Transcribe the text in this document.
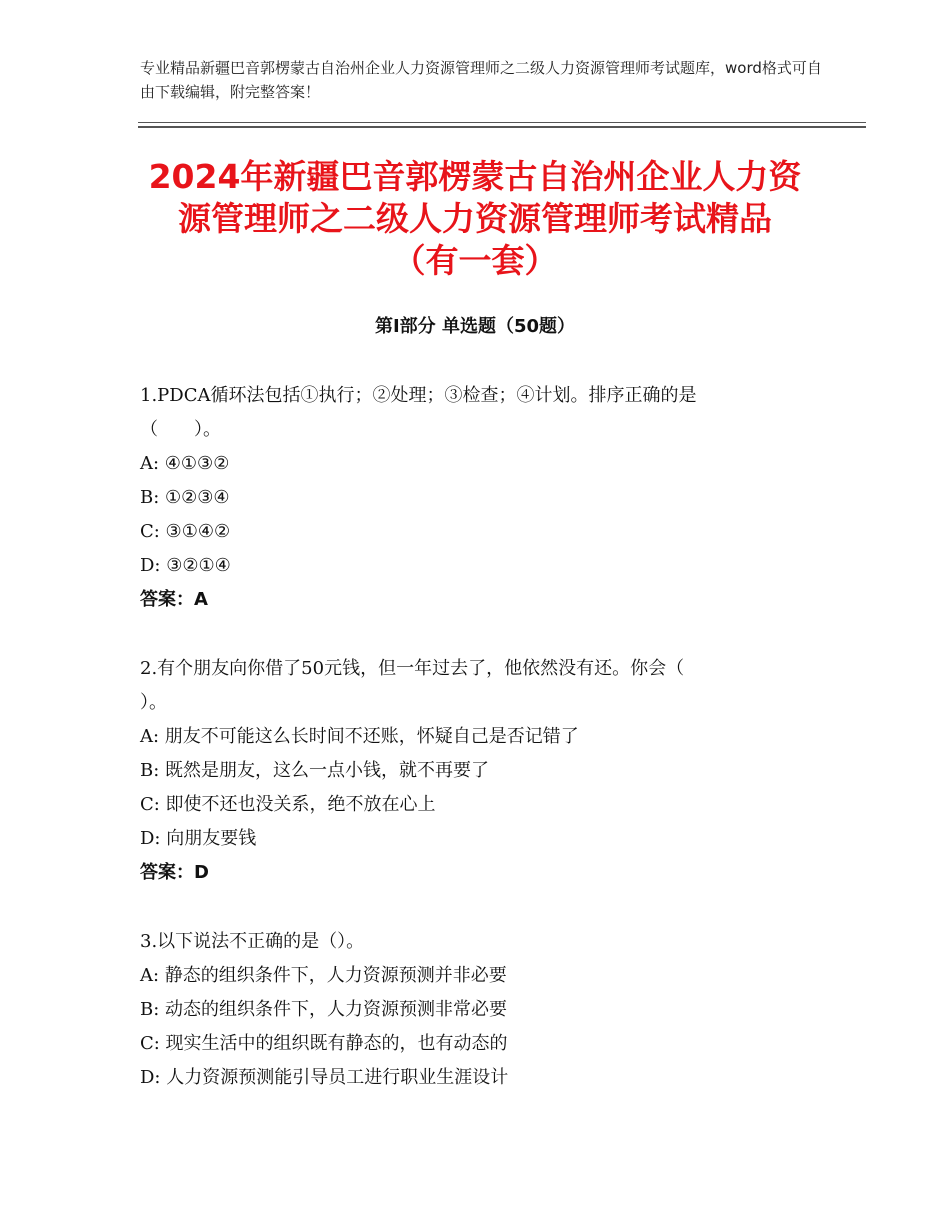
专业精品新疆巴音郭楞蒙古自治州企业人力资源管理师之二级人力资源管理师考试题库，word格式可自由下载编辑，附完整答案！
2024年新疆巴音郭楞蒙古自治州企业人力资
源管理师之二级人力资源管理师考试精品
（有一套）
第Ⅰ部分 单选题（50题）
1.PDCA循环法包括①执行；②处理；③检查；④计划。排序正确的是
（　　）。
A: ④①③②
B: ①②③④
C: ③①④②
D: ③②①④
答案：A
2.有个朋友向你借了50元钱，但一年过去了，他依然没有还。你会（
）。
A: 朋友不可能这么长时间不还账，怀疑自己是否记错了
B: 既然是朋友，这么一点小钱，就不再要了
C: 即使不还也没关系，绝不放在心上
D: 向朋友要钱
答案：D
3.以下说法不正确的是（）。
A: 静态的组织条件下，人力资源预测并非必要
B: 动态的组织条件下，人力资源预测非常必要
C: 现实生活中的组织既有静态的，也有动态的
D: 人力资源预测能引导员工进行职业生涯设计
